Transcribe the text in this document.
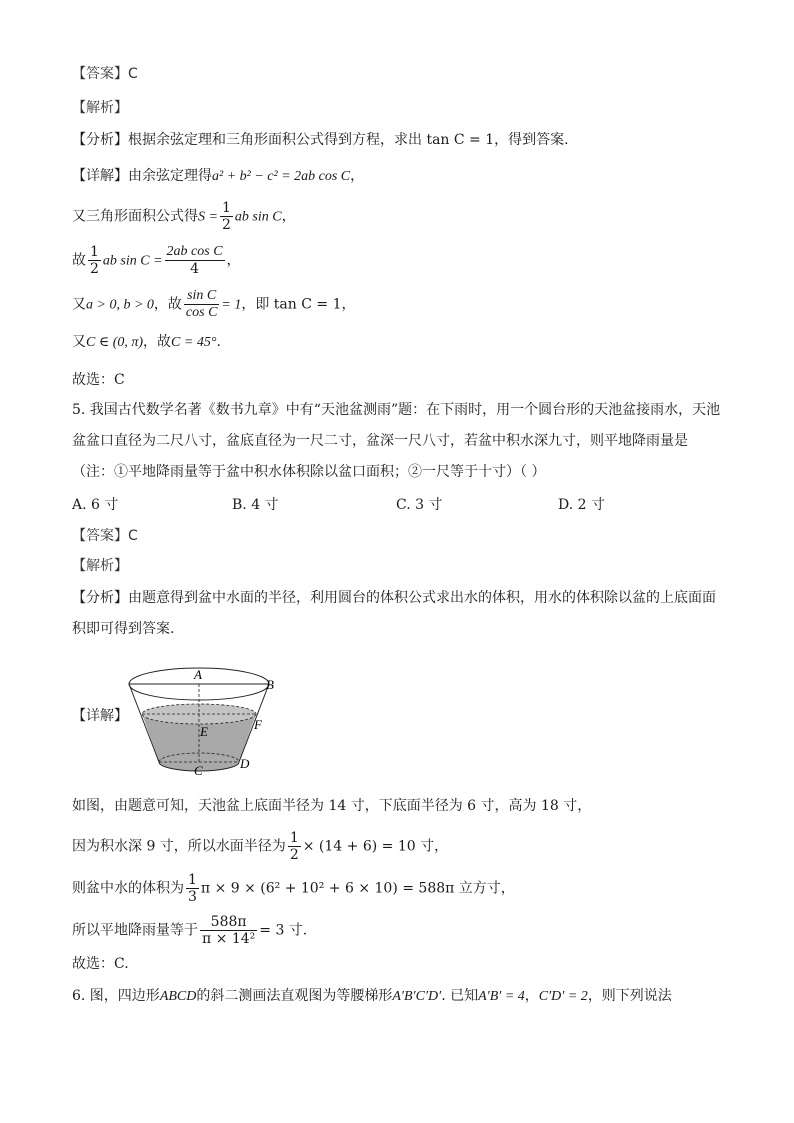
【答案】C
【解析】
【分析】根据余弦定理和三角形面积公式得到方程，求出 tan C = 1，得到答案.
【详解】由余弦定理得a² + b² − c² = 2ab cos C，
又三角形面积公式得$S = \frac{1}{2}$ ab sin C，
故 $\frac{1}{2}$ ab $\sin C = \frac{\text{2ab cos C}}{4}$ ，
又a > 0, b > 0，故 $\frac{\text{sin C}}{\text{cos C}} = 1$，即 tan C = 1，
又C ∈ (0, π)，故C = 45°.
故选：C
5. 我国古代数学名著《数书九章》中有“天池盆测雨”题：在下雨时，用一个圆台形的天池盆接雨水，天池
盆盆口直径为二尺八寸，盆底直径为一尺二寸，盆深一尺八寸，若盆中积水深九寸，则平地降雨量是
（注：①平地降雨量等于盆中积水体积除以盆口面积；②一尺等于十寸）（ ）
A. 6 寸	B. 4 寸	C. 3 寸	D. 2 寸
【答案】C
【解析】
【分析】由题意得到盆中水面的半径，利用圆台的体积公式求出水的体积，用水的体积除以盆的上底面面
积即可得到答案.
【详解】
A
B
E	F
C	D
如图，由题意可知，天池盆上底面半径为 14 寸，下底面半径为 6 寸，高为 18 寸，
因为积水深 9 寸，所以水面半径为 $\frac{1}{2} \times (14 + 6) = 10$ 寸，
则盆中水的体积为 $\frac{1}{3}$ π × 9 × (6² + 10² + 6 × 10) = 588π 立方寸，
所以平地降雨量等于 $\frac{588\pi}{\text{π × 14²}} = 3$ 寸.
故选：C.
6. 图，四边形ABCD的斜二测画法直观图为等腰梯形A′B′C′D′. 已知A′B′ = 4，C′D′ = 2，则下列说法
